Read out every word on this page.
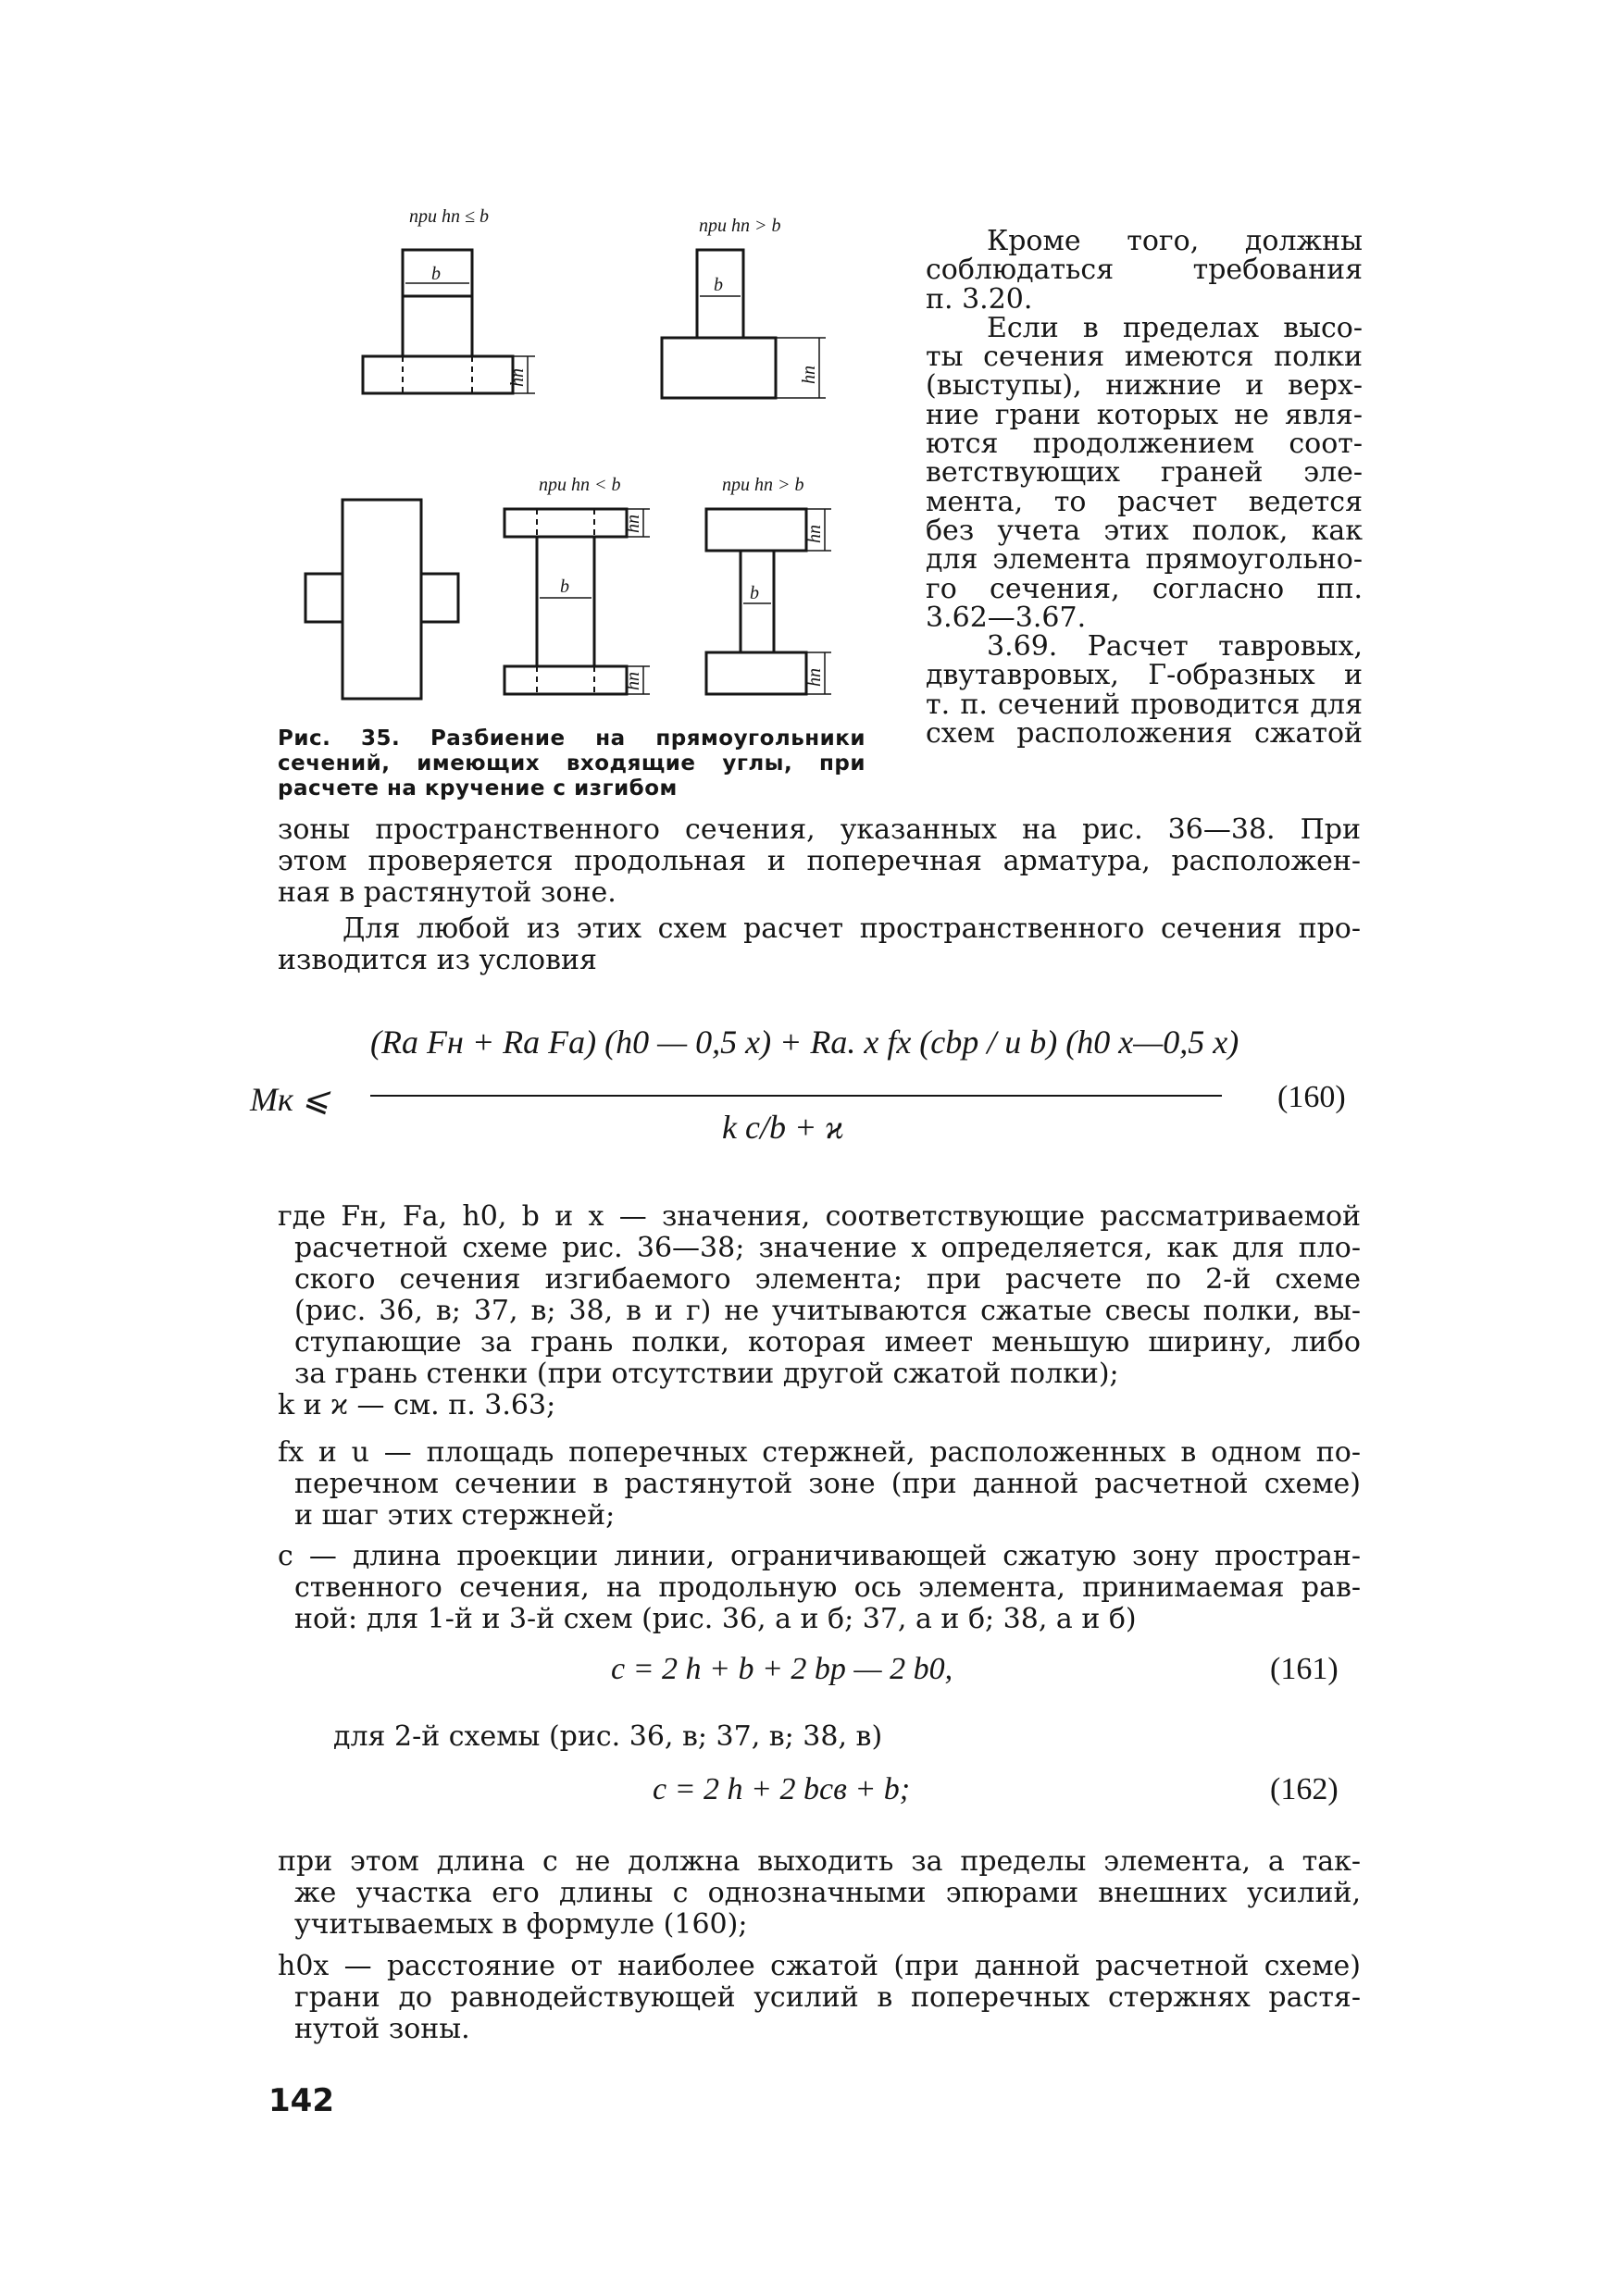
при hп ≤ b	при hп > b
при hп < b	при hп > b
b
b
b	b
hп	hп
hп
hп
hп
hп
Рис. 35. Разбиение на прямоугольники
сечений, имеющих входящие углы, при
расчете на кручение с изгибом
Кроме того, должны
соблюдаться требования
п. 3.20.
Если в пределах высо-
ты сечения имеются полки
(выступы), нижние и верх-
ние грани которых не явля-
ются продолжением соот-
ветствующих граней эле-
мента, то расчет ведется
без учета этих полок, как
для элемента прямоугольно-
го сечения, согласно пп.
3.62—3.67.
3.69. Расчет тавровых,
двутавровых, Г-образных и
т. п. сечений проводится для
схем расположения сжатой
зоны пространственного сечения, указанных на рис. 36—38. При
этом проверяется продольная и поперечная арматура, расположен-
ная в растянутой зоне.
Для любой из этих схем расчет пространственного сечения про-
изводится из условия
Mк ⩽
(Ra Fн + Ra Fа) (h0 — 0,5 x) + Ra. x fx (cbр / u b) (h0 x—0,5 x)
k c/b + ϰ
(160)
где Fн, Fа, h0, b и x — значения, соответствующие рассматриваемой
расчетной схеме рис. 36—38; значение x определяется, как для пло-
ского сечения изгибаемого элемента; при расчете по 2-й схеме
(рис. 36, в; 37, в; 38, в и г) не учитываются сжатые свесы полки, вы-
ступающие за грань полки, которая имеет меньшую ширину, либо
за грань стенки (при отсутствии другой сжатой полки);
k и ϰ — см. п. 3.63;
fx и u — площадь поперечных стержней, расположенных в одном по-
перечном сечении в растянутой зоне (при данной расчетной схеме)
и шаг этих стержней;
c — длина проекции линии, ограничивающей сжатую зону простран-
ственного сечения, на продольную ось элемента, принимаемая рав-
ной: для 1-й и 3-й схем (рис. 36, а и б; 37, а и б; 38, а и б)
c = 2 h + b + 2 bр — 2 b0,	(161)
для 2-й схемы (рис. 36, в; 37, в; 38, в)
c = 2 h + 2 bсв + b;	(162)
при этом длина c не должна выходить за пределы элемента, а так-
же участка его длины с однозначными эпюрами внешних усилий,
учитываемых в формуле (160);
h0x — расстояние от наиболее сжатой (при данной расчетной схеме)
грани до равнодействующей усилий в поперечных стержнях растя-
нутой зоны.
142
